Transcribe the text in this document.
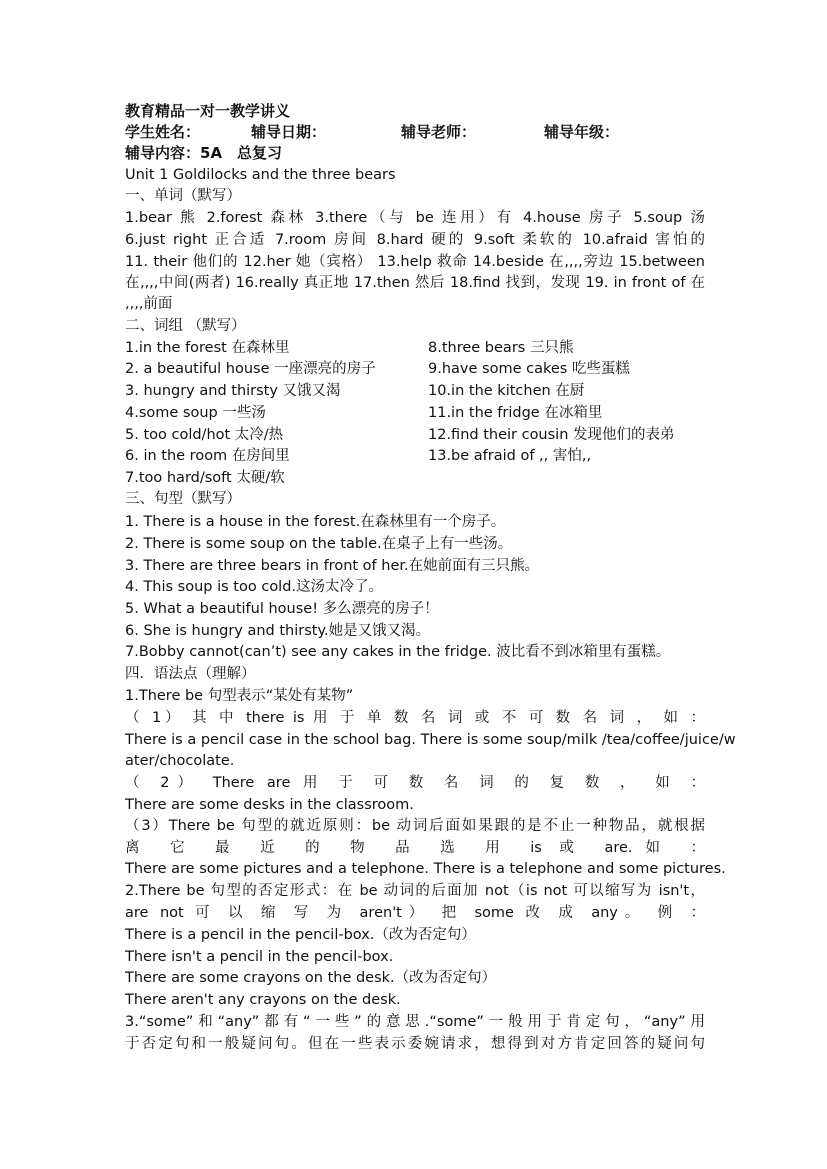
教育精品一对一教学讲义
学生姓名：	辅导日期：	辅导老师：	辅导年级：
辅导内容：5A　总复习
Unit 1 Goldilocks and the three bears
一、单词（默写）
1.bear 熊 2.forest 森林 3.there（与 be 连用）有 4.house 房子 5.soup 汤
6.just right 正合适 7.room 房间 8.hard 硬的 9.soft 柔软的 10.afraid 害怕的
11. their 他们的 12.her 她（宾格） 13.help 救命 14.beside 在,,,,旁边 15.between
在,,,,中间(两者) 16.really 真正地 17.then 然后 18.find 找到，发现 19. in front of 在
,,,,前面
二、词组 （默写）
1.in the forest 在森林里	8.three bears 三只熊
2. a beautiful house 一座漂亮的房子	9.have some cakes 吃些蛋糕
3. hungry and thirsty 又饿又渴	10.in the kitchen 在厨
4.some soup 一些汤	11.in the fridge 在冰箱里
5. too cold/hot 太冷/热	12.find their cousin 发现他们的表弟
6. in the room 在房间里	13.be afraid of ,, 害怕,,
7.too hard/soft 太硬/软
三、句型（默写）
1. There is a house in the forest.在森林里有一个房子。
2. There is some soup on the table.在桌子上有一些汤。
3. There are three bears in front of her.在她前面有三只熊。
4. This soup is too cold.这汤太冷了。
5. What a beautiful house! 多么漂亮的房子！
6. She is hungry and thirsty.她是又饿又渴。
7.Bobby cannot(can’t) see any cakes in the fridge. 波比看不到冰箱里有蛋糕。
四．语法点（理解）
1.There be 句型表示“某处有某物”
（ 1） 其 中 there is 用 于 单 数 名 词 或 不 可 数 名 词 ， 如 ：
There is a pencil case in the school bag. There is some soup/milk /tea/coffee/juice/w
ater/chocolate.
（ 2） There are 用 于 可 数 名 词 的 复 数 ， 如 ：
There are some desks in the classroom.
（3）There be 句型的就近原则：be 动词后面如果跟的是不止一种物品，就根据
离 它 最 近 的 物 品 选 用 is 或 are.如 ：
There are some pictures and a telephone. There is a telephone and some pictures.
2.There be 句型的否定形式：在 be 动词的后面加 not（is not 可以缩写为 isn't，
are not 可 以 缩 写 为 aren't） 把 some 改 成 any。 例 ：
There is a pencil in the pencil-box.（改为否定句）
There isn't a pencil in the pencil-box.
There are some crayons on the desk.（改为否定句）
There aren't any crayons on the desk.
3.“some”和“any”都有“一些”的意思.“some”一般用于肯定句，“any”用
于否定句和一般疑问句。但在一些表示委婉请求，想得到对方肯定回答的疑问句
